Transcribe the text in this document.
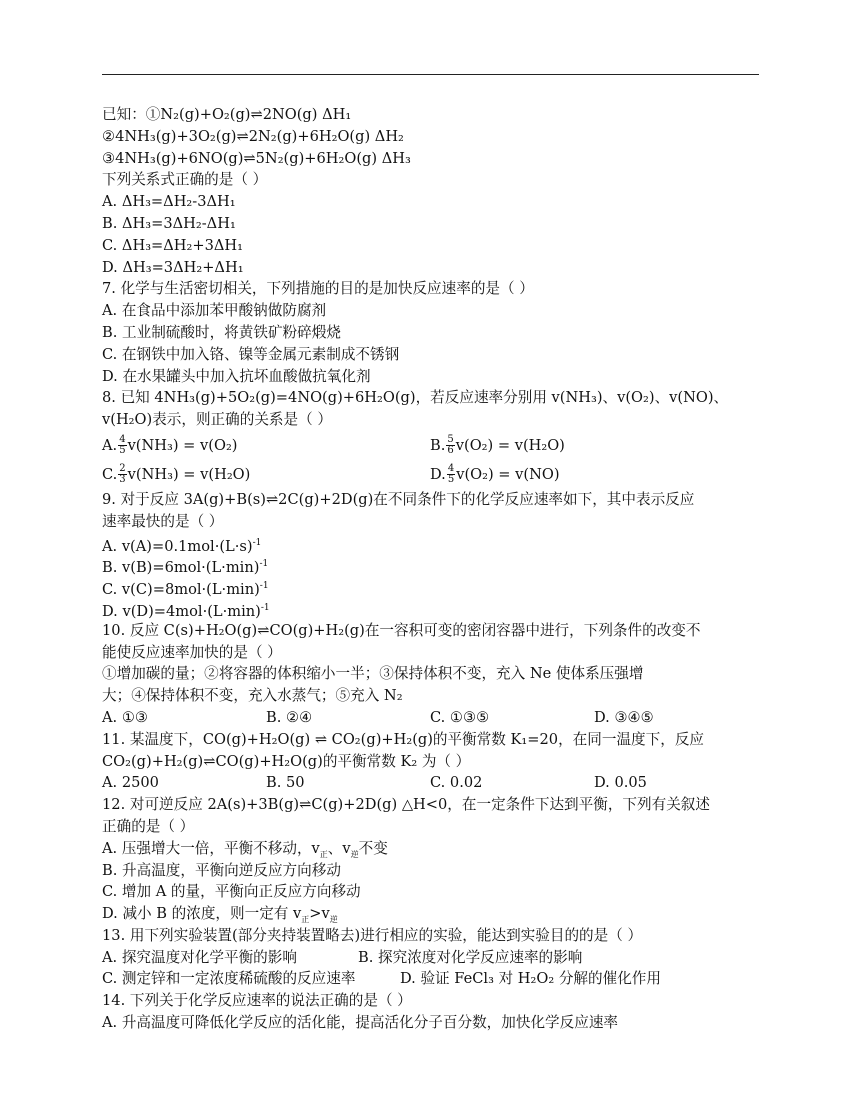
已知：①N₂(g)+O₂(g)⇌2NO(g) ΔH₁
②4NH₃(g)+3O₂(g)⇌2N₂(g)+6H₂O(g) ΔH₂
③4NH₃(g)+6NO(g)⇌5N₂(g)+6H₂O(g) ΔH₃
下列关系式正确的是（ ）
A. ΔH₃=ΔH₂-3ΔH₁
B. ΔH₃=3ΔH₂-ΔH₁
C. ΔH₃=ΔH₂+3ΔH₁
D. ΔH₃=3ΔH₂+ΔH₁
7. 化学与生活密切相关，下列措施的目的是加快反应速率的是（ ）
A. 在食品中添加苯甲酸钠做防腐剂
B. 工业制硫酸时，将黄铁矿粉碎煅烧
C. 在钢铁中加入铬、镍等金属元素制成不锈钢
D. 在水果罐头中加入抗坏血酸做抗氧化剂
8. 已知 4NH₃(g)+5O₂(g)=4NO(g)+6H₂O(g)，若反应速率分别用 v(NH₃)、v(O₂)、v(NO)、
v(H₂O)表示，则正确的关系是（ ）
A. $\frac{4}{5} v(NH_3) = v(O_2)$	B. $\frac{5}{6} v(O_2) = v(H_2O)$
C. $\frac{2}{3} v(NH_3) = v(H_2O)$	D. $\frac{4}{5} v(O_2) = v(NO)$
9. 对于反应 3A(g)+B(s)⇌2C(g)+2D(g)在不同条件下的化学反应速率如下，其中表示反应
速率最快的是（ ）
A. $v(A)=0.1mol\cdot(L\cdot s)^{-1}$
B. $v(B)=6mol\cdot(L\cdot\min)^{-1}$
C. $v(C)=8mol\cdot(L\cdot\min)^{-1}$
D. $v(D)=4mol\cdot(L\cdot\min)^{-1}$
10. 反应 C(s)+H₂O(g)⇌CO(g)+H₂(g)在一容积可变的密闭容器中进行，下列条件的改变不
能使反应速率加快的是（ ）
①增加碳的量；②将容器的体积缩小一半；③保持体积不变，充入 Ne 使体系压强增
大；④保持体积不变，充入水蒸气；⑤充入 N₂
A. ①③	B. ②④	C. ①③⑤	D. ③④⑤
11. 某温度下，CO(g)+H₂O(g) ⇌ CO₂(g)+H₂(g)的平衡常数 K₁=20，在同一温度下，反应
CO₂(g)+H₂(g)⇌CO(g)+H₂O(g)的平衡常数 K₂ 为（ ）
A. 2500	B. 50	C. 0.02	D. 0.05
12. 对可逆反应 2A(s)+3B(g)⇌C(g)+2D(g) △H<0，在一定条件下达到平衡，下列有关叙述
正确的是（ ）
A. 压强增大一倍，平衡不移动，$v_正$、$v_逆$不变
B. 升高温度，平衡向逆反应方向移动
C. 增加 A 的量，平衡向正反应方向移动
D. 减小 B 的浓度，则一定有 $v_正>v_逆$
13. 用下列实验装置(部分夹持装置略去)进行相应的实验，能达到实验目的的是（ ）
A. 探究温度对化学平衡的影响	B. 探究浓度对化学反应速率的影响
C. 测定锌和一定浓度稀硫酸的反应速率	D. 验证 FeCl₃ 对 H₂O₂ 分解的催化作用
14. 下列关于化学反应速率的说法正确的是（ ）
A. 升高温度可降低化学反应的活化能，提高活化分子百分数，加快化学反应速率
